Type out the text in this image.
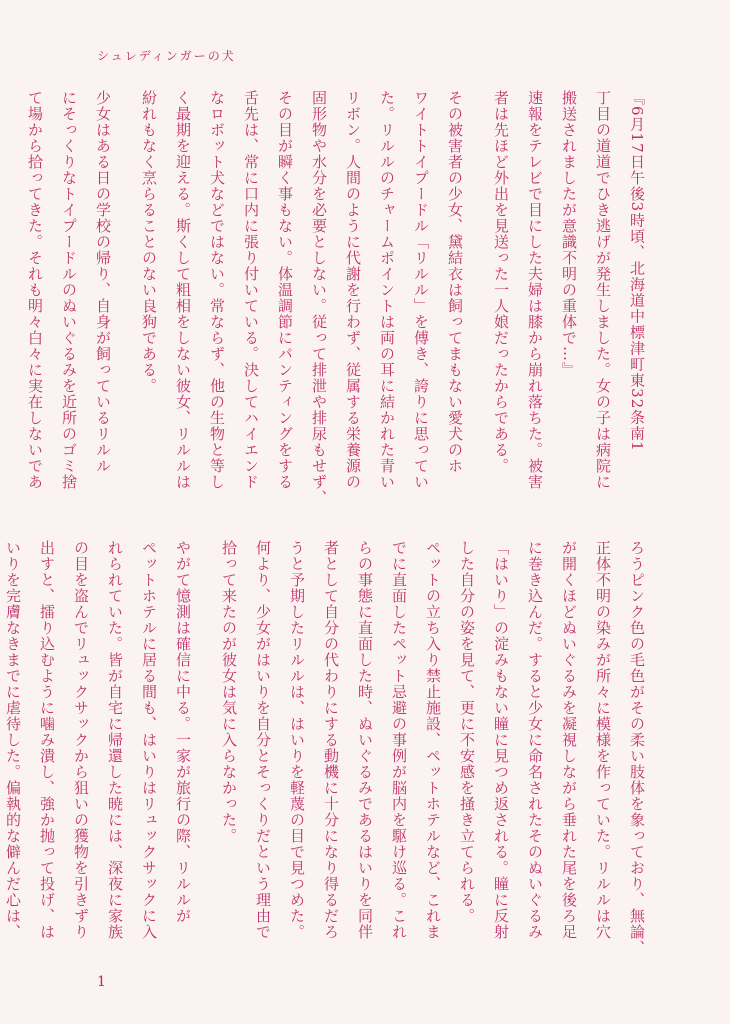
シュレディンガーの犬

『6月17日午後3時頃、北海道中標津町東32条南1

丁目の道道でひき逃げが発生しました。女の子は病院に

搬送されましたが意識不明の重体で…』

速報をテレビで目にした夫婦は膝から崩れ落ちた。被害

者は先ほど外出を見送った一人娘だったからである。

その被害者の少女、黛結衣は飼ってまもない愛犬のホ

ワイトトイプードル「リルル」を傅き、誇りに思ってい

た。リルルのチャームポイントは両の耳に結かれた青い

リボン。人間のように代謝を行わず、従属する栄養源の

固形物や水分を必要としない。従って排泄や排尿もせず、

その目が瞬く事もない。体温調節にパンティングをする

舌先は、常に口内に張り付いている。決してハイエンド

なロボット犬などではない。常ならず、他の生物と等し

く最期を迎える。斯くして粗相をしない彼女、リルルは

紛れもなく烹らることのない良狗である。

少女はある日の学校の帰り、自身が飼っているリルル

にそっくりなトイプードルのぬいぐるみを近所のゴミ捨

て場から拾ってきた。それも明々白々に実在しないであ

ろうピンク色の毛色がその柔い肢体を象っており、無論、

正体不明の染みが所々に模様を作っていた。リルルは穴

が開くほどぬいぐるみを凝視しながら垂れた尾を後ろ足

に巻き込んだ。すると少女に命名されたそのぬいぐるみ

「はいり」の淀みもない瞳に見つめ返される。瞳に反射

した自分の姿を見て、更に不安感を掻き立てられる。

ペットの立ち入り禁止施設、ペットホテルなど、これま

でに直面したペット忌避の事例が脳内を駆け巡る。これ

らの事態に直面した時、ぬいぐるみであるはいりを同伴

者として自分の代わりにする動機に十分になり得るだろ

うと予期したリルルは、はいりを軽蔑の目で見つめた。

何より、少女がはいりを自分とそっくりだという理由で

拾って来たのが彼女は気に入らなかった。

やがて憶測は確信に中る。一家が旅行の際、リルルが

ペットホテルに居る間も、はいりはリュックサックに入

れられていた。皆が自宅に帰還した暁には、深夜に家族

の目を盗んでリュックサックから狙いの獲物を引きずり

出すと、擂り込むように噛み潰し、強か抛って投げ、は

いりを完膚なきまでに虐待した。偏執的な僻んだ心は、

1
